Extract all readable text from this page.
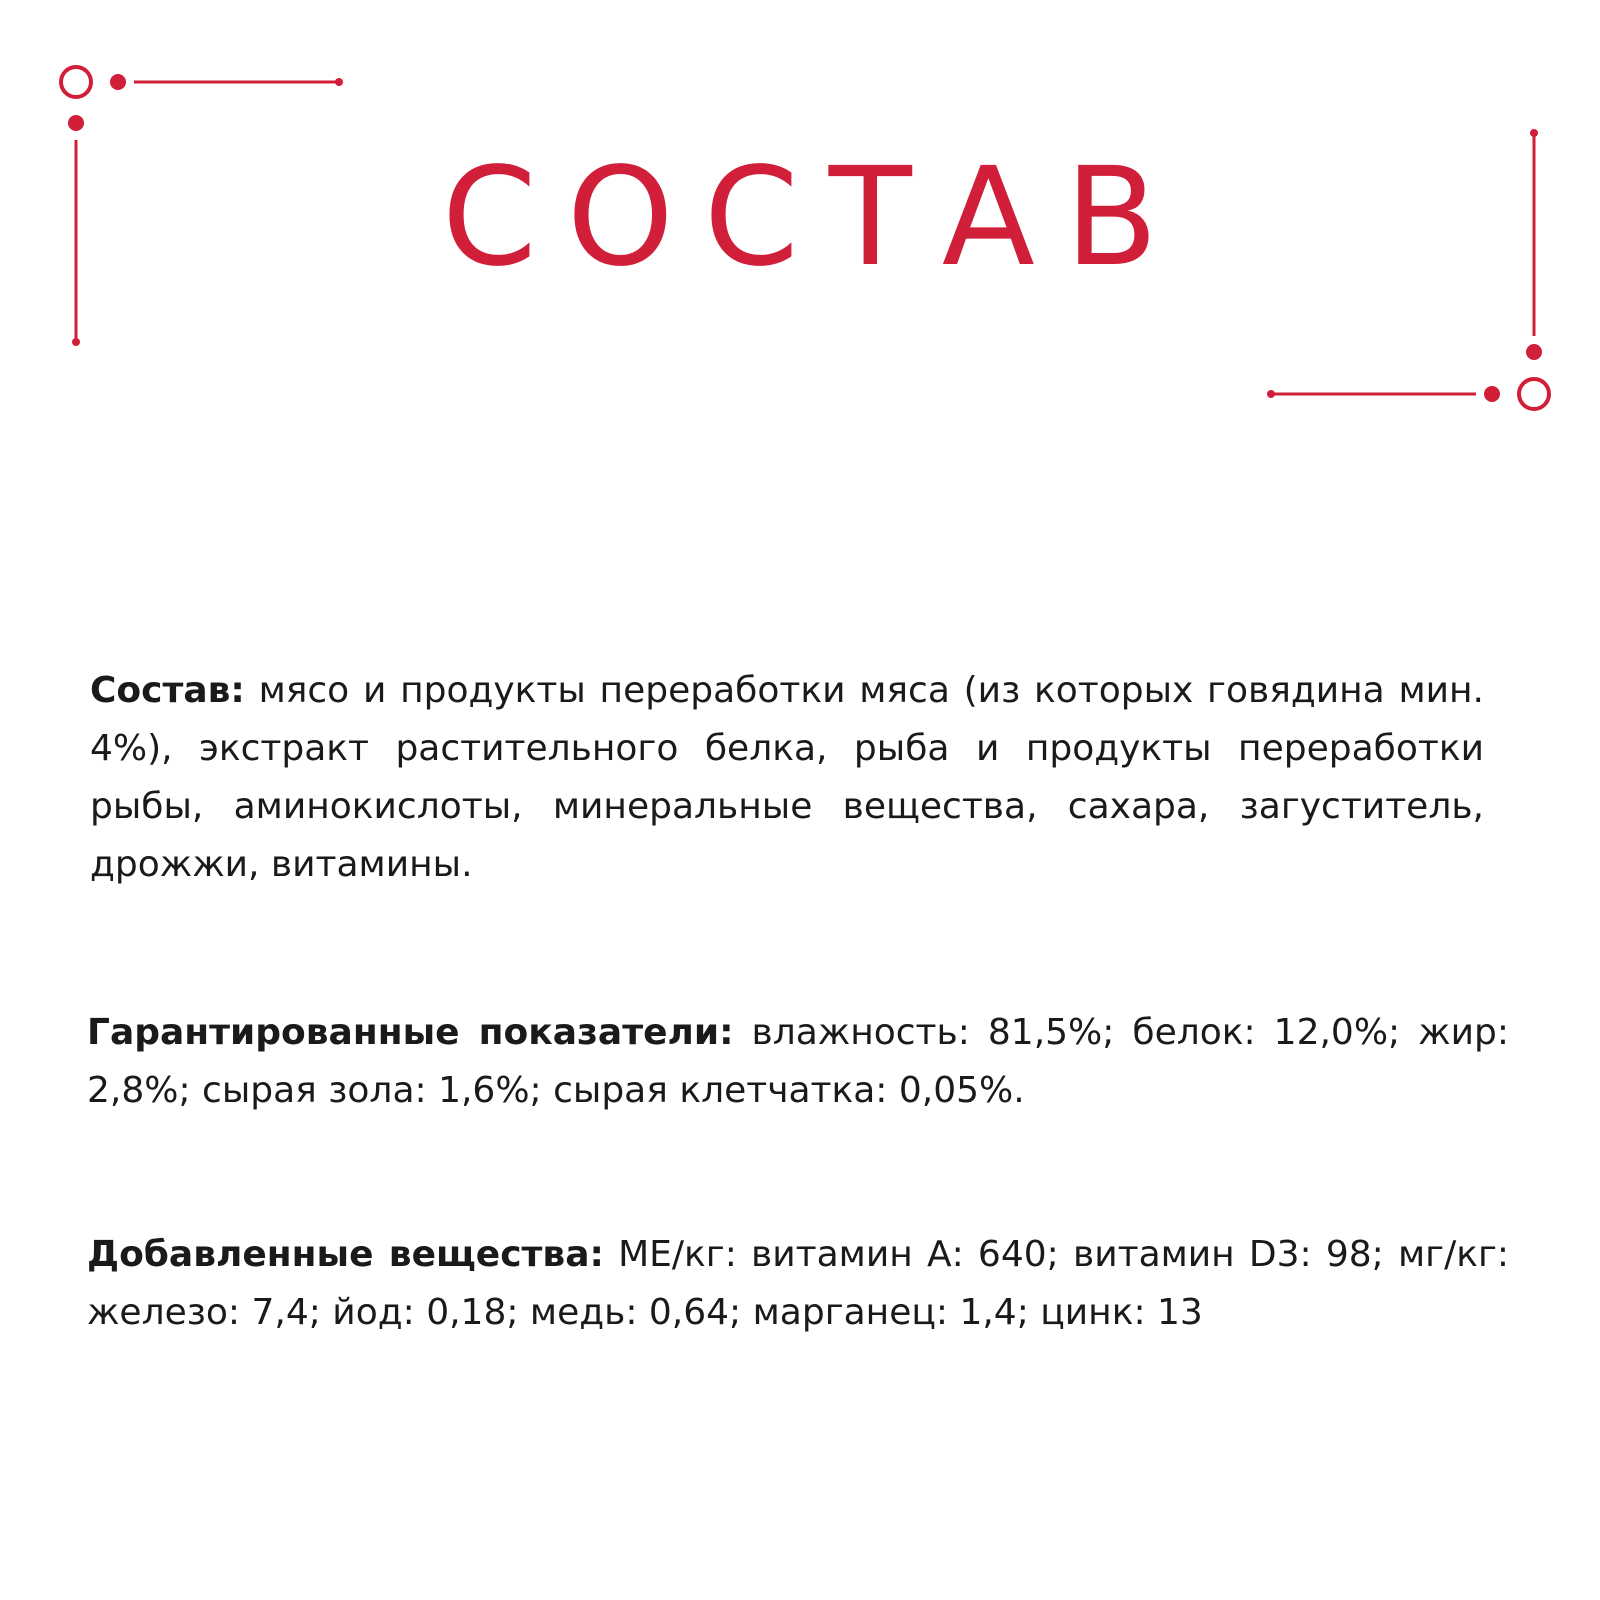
СОСТАВ

Состав: мясо и продукты переработки мяса (из которых говядина мин. 4%), экстракт растительного белка, рыба и продукты переработки рыбы, аминокислоты, минеральные вещества, сахара, загуститель, дрожжи, витамины.

Гарантированные показатели: влажность: 81,5%; белок: 12,0%; жир: 2,8%; сырая зола: 1,6%; сырая клетчатка: 0,05%.

Добавленные вещества: МЕ/кг: витамин А: 640; витамин D3: 98; мг/кг: железо: 7,4; йод: 0,18; медь: 0,64; марганец: 1,4; цинк: 13
